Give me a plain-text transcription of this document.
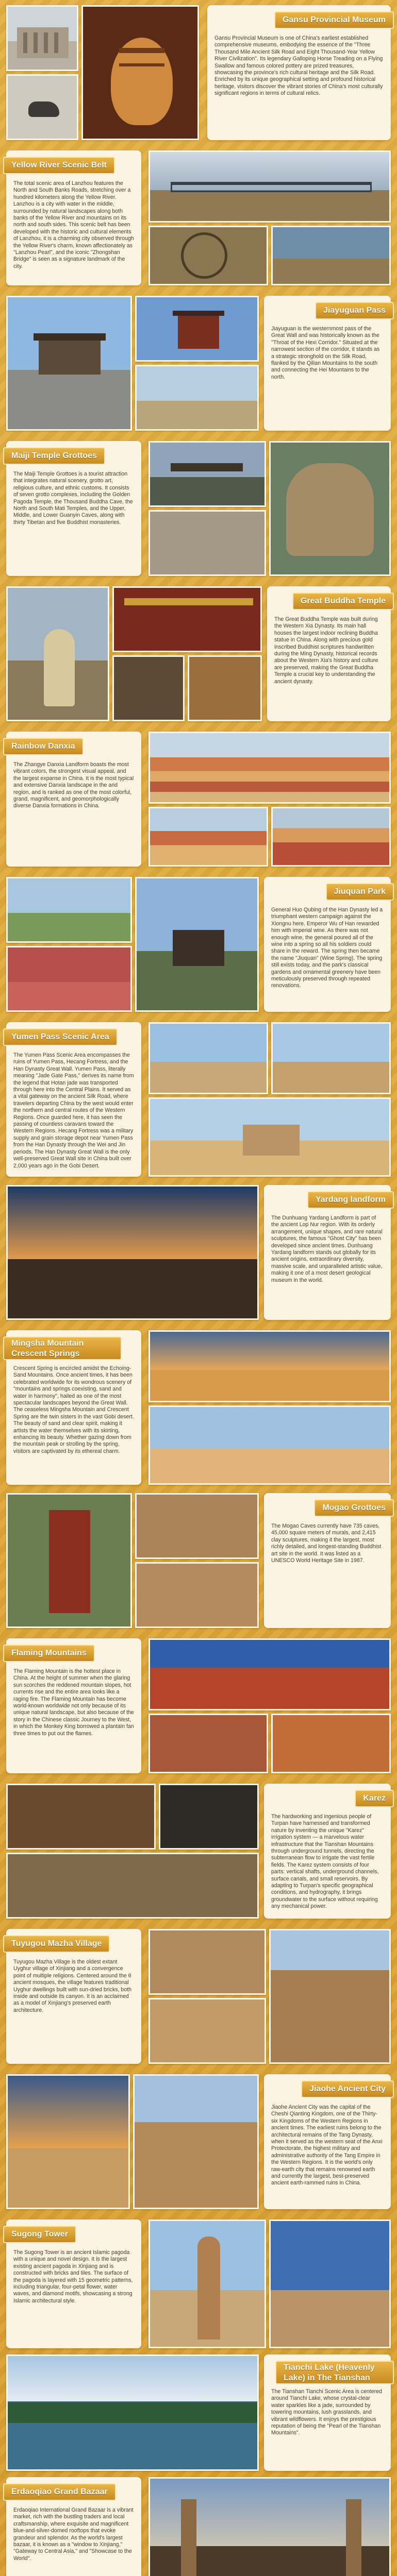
Gansu Provincial Museum
Gansu Provincial Museum is one of China's earliest established comprehensive museums, embodying the essence of the "Three Thousand Mile Ancient Silk Road and Eight Thousand-Year Yellow River Civilization". Its legendary Galloping Horse Treading on a Flying Swallow and famous colored pottery are prized treasures, showcasing the province's rich cultural heritage and the Silk Road. Enriched by its unique geographical setting and profound historical heritage, visitors discover the vibrant stories of China's most culturally significant regions in terms of cultural relics.
Yellow River Scenic Belt
The total scenic area of Lanzhou features the North and South Banks Roads, stretching over a hundred kilometers along the Yellow River. Lanzhou is a city with water in the middle, surrounded by natural landscapes along both banks of the Yellow River and mountains on its north and south sides. This scenic belt has been developed with the historic and cultural elements of Lanzhou, it is a charming city observed through the Yellow River's charm, known affectionately as "Lanzhou Pearl", and the iconic "Zhongshan Bridge" is seen as a signature landmark of the city.
Jiayuguan Pass
Jiayuguan is the westernmost pass of the Great Wall and was historically known as the "Throat of the Hexi Corridor." Situated at the narrowest section of the corridor, it stands as a strategic stronghold on the Silk Road, flanked by the Qilian Mountains to the south and connecting the Hei Mountains to the north.
Maiji Temple Grottoes
The Maiji Temple Grottoes is a tourist attraction that integrates natural scenery, grotto art, religious culture, and ethnic customs. It consists of seven grotto complexes, including the Golden Pagoda Temple, the Thousand Buddha Cave, the North and South Mati Temples, and the Upper, Middle, and Lower Guanyin Caves, along with thirty Tibetan and five Buddhist monasteries.
Great Buddha Temple
The Great Buddha Temple was built during the Western Xia Dynasty. Its main hall houses the largest indoor reclining Buddha statue in China. Along with precious gold inscribed Buddhist scriptures handwritten during the Ming Dynasty, historical records about the Western Xia's history and culture are preserved, making the Great Buddha Temple a crucial key to understanding the ancient dynasty.
Rainbow Danxia
The Zhangye Danxia Landform boasts the most vibrant colors, the strongest visual appeal, and the largest expanse in China. It is the most typical and extensive Danxia landscape in the arid region, and is ranked as one of the most colorful, grand, magnificent, and geomorphologically diverse Danxia formations in China.
Jiuquan Park
General Huo Qubing of the Han Dynasty led a triumphant western campaign against the Xiongnu here. Emperor Wu of Han rewarded him with imperial wine. As there was not enough wine, the general poured all of the wine into a spring so all his soldiers could share in the reward. The spring then became the name "Jiuquan" (Wine Spring). The spring still exists today, and the park's classical gardens and ornamental greenery have been meticulously preserved through repeated renovations.
Yumen Pass Scenic Area
The Yumen Pass Scenic Area encompasses the ruins of Yumen Pass, Hecang Fortress, and the Han Dynasty Great Wall. Yumen Pass, literally meaning "Jade Gate Pass," derives its name from the legend that Hotan jade was transported through here into the Central Plains. It served as a vital gateway on the ancient Silk Road, where travelers departing China by the west would enter the northern and central routes of the Western Regions. Once guarded here, it has seen the passing of countless caravans toward the Western Regions. Hecang Fortress was a military supply and grain storage depot near Yumen Pass from the Han Dynasty through the Wei and Jin periods. The Han Dynasty Great Wall is the only well-preserved Great Wall site in China built over 2,000 years ago in the Gobi Desert.
Yardang landform
The Dunhuang Yardang Landform is part of the ancient Lop Nur region. With its orderly arrangement, unique shapes, and rare natural sculptures, the famous "Ghost City" has been developed since ancient times. Dunhuang Yardang landform stands out globally for its ancient origins, extraordinary diversity, massive scale, and unparalleled artistic value, making it one of a most desert geological museum in the world.
Mingsha Mountain Crescent Springs
Crescent Spring is encircled amidst the Echoing-Sand Mountains. Once ancient times, it has been celebrated worldwide for its wondrous scenery of "mountains and springs coexisting, sand and water in harmony", hailed as one of the most spectacular landscapes beyond the Great Wall. The ceaseless Mingsha Mountain and Crescent Spring are the twin sisters in the vast Gobi desert. The beauty of sand and clear spirit, making it artists the water themselves with its skirting, enhancing its beauty. Whether gazing down from the mountain peak or strolling by the spring, visitors are captivated by its ethereal charm.
Mogao Grottoes
The Mogao Caves currently have 735 caves, 45,000 square meters of murals, and 2,415 clay sculptures, making it the largest, most richly detailed, and longest-standing Buddhist art site in the world. It was listed as a UNESCO World Heritage Site in 1987.
Flaming Mountains
The Flaming Mountain is the hottest place in China. At the height of summer when the glaring sun scorches the reddened mountain slopes, hot currents rise and the entire area looks like a raging fire. The Flaming Mountain has become world-known worldwide not only because of its unique natural landscape, but also because of the story in the Chinese classic Journey to the West, in which the Monkey King borrowed a plantain fan three times to put out the flames.
Karez
The hardworking and ingenious people of Turpan have harnessed and transformed nature by inventing the unique "Karez" irrigation system — a marvelous water infrastructure that the Tianshan Mountains through underground tunnels, directing the subterranean flow to irrigate the vast fertile fields. The Karez system consists of four parts: vertical shafts, underground channels, surface canals, and small reservoirs. By adapting to Turpan's specific geographical conditions, and hydrography, it brings groundwater to the surface without requiring any mechanical power.
Tuyugou Mazha Village
Tuyugou Mazha Village is the oldest extant Uyghur village of Xinjiang and a convergence point of multiple religions. Centered around the 6 ancient mosques, the village features traditional Uyghur dwellings built with sun-dried bricks, both inside and outside its canyon. It is an acclaimed as a model of Xinjiang's preserved earth architecture.
Jiaohe Ancient City
Jiaohe Ancient City was the capital of the Cheshi Qianting Kingdom, one of the Thirty-six Kingdoms of the Western Regions in ancient times. The earliest ruins belong to the architectural remains of the Tang Dynasty, when it served as the western seat of the Anxi Protectorate, the highest military and administrative authority of the Tang Empire in the Western Regions. It is the world's only raw-earth city that remains renowned earth and currently the largest, best-preserved ancient earth-rammed ruins in China.
Sugong Tower
The Sugong Tower is an ancient Islamic pagoda with a unique and novel design. It is the largest existing ancient pagoda in Xinjiang and is constructed with bricks and tiles. The surface of the pagoda is layered with 15 geometric patterns, including triangular, four-petal flower, water waves, and diamond motifs, showcasing a strong Islamic architectural style.
Tianchi Lake (Heavenly Lake) in The Tianshan
The Tianshan Tianchi Scenic Area is centered around Tianchi Lake, whose crystal-clear water sparkles like a jade, surrounded by towering mountains, lush grasslands, and vibrant wildflowers. It enjoys the prestigious reputation of being the "Pearl of the Tianshan Mountains".
Erdaoqiao Grand Bazaar
Erdaoqiao International Grand Bazaar is a vibrant market, rich with the bustling traders and local craftsmanship, where exquisite and magnificent blue-and-silver-domed rooftops that evoke grandeur and splendor. As the world's largest bazaar, it is known as a "window to Xinjiang," "Gateway to Central Asia," and "Showcase to the World".
